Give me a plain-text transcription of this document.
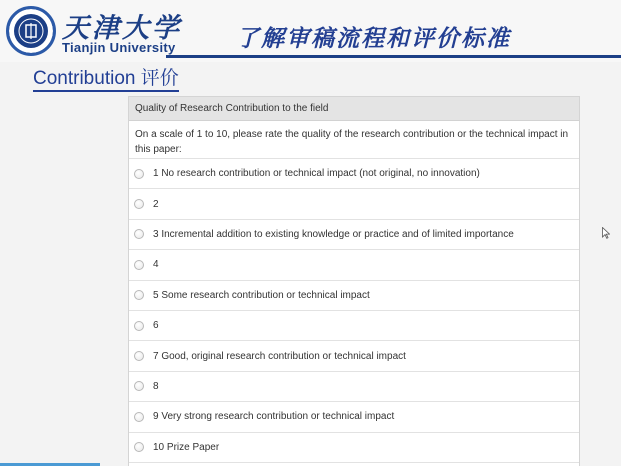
天津大学
Tianjin University	了解审稿流程和评价标准
Contribution 评价
Quality of Research Contribution to the field
On a scale of 1 to 10, please rate the quality of the research contribution or the technical impact in this paper:
1 No research contribution or technical impact (not original, no innovation)
2
3 Incremental addition to existing knowledge or practice and of limited importance
4
5 Some research contribution or technical impact
6
7 Good, original research contribution or technical impact
8
9 Very strong research contribution or technical impact
10 Prize Paper
